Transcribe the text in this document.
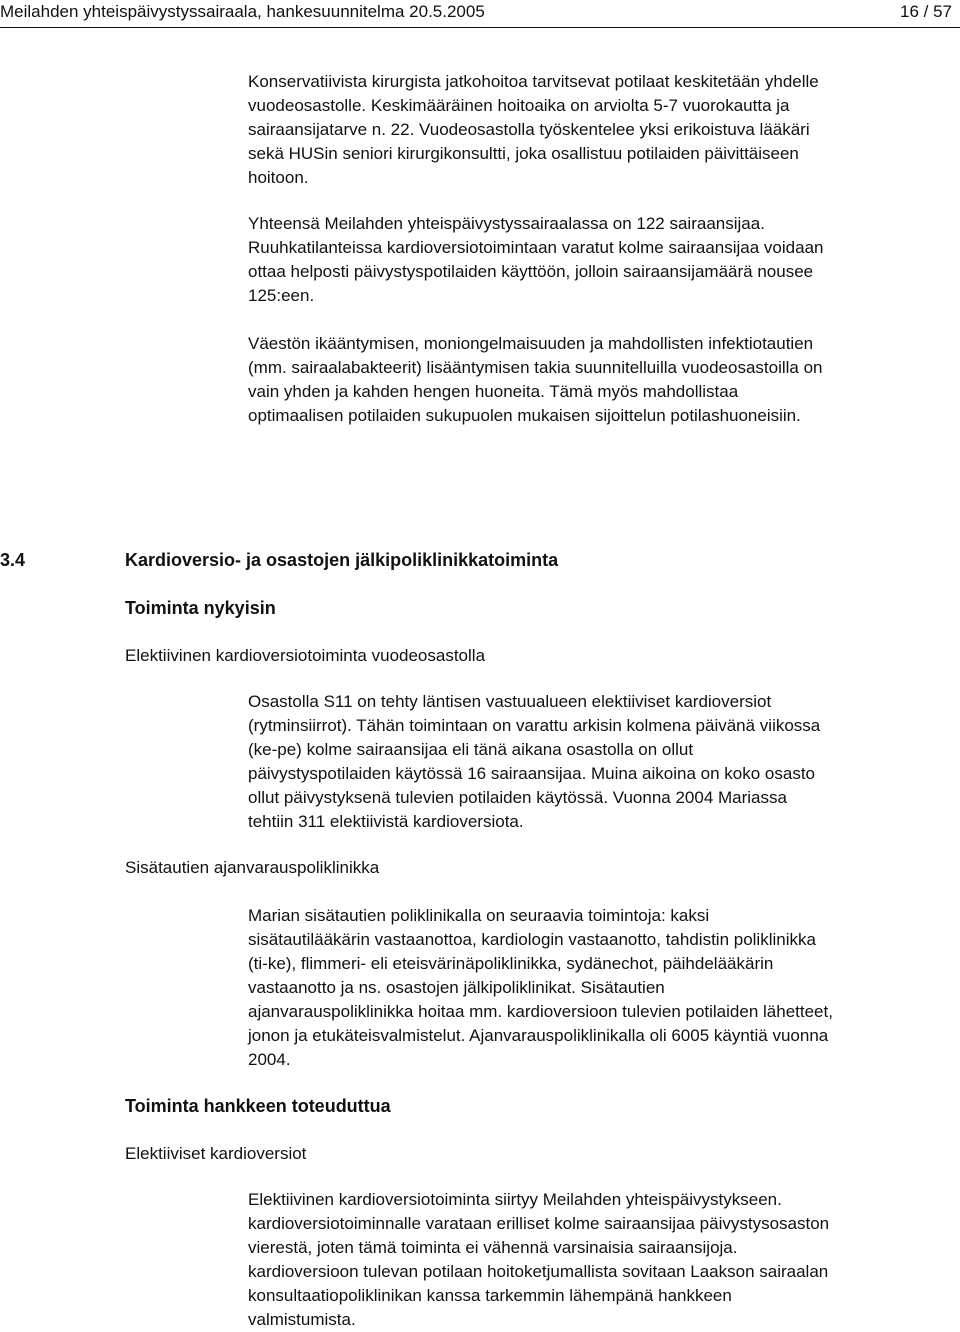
Meilahden yhteispäivystyssairaala, hankesuunnitelma 20.5.2005	16 / 57
Konservatiivista kirurgista jatkohoitoa tarvitsevat potilaat keskitetään yhdelle
vuodeosastolle. Keskimääräinen hoitoaika on arviolta 5-7 vuorokautta ja
sairaansijatarve n. 22. Vuodeosastolla työskentelee yksi erikoistuva lääkäri
sekä HUSin seniori kirurgikonsultti, joka osallistuu potilaiden päivittäiseen
hoitoon.
Yhteensä Meilahden yhteispäivystyssairaalassa on 122 sairaansijaa.
Ruuhkatilanteissa kardioversiotoimintaan varatut kolme sairaansijaa voidaan
ottaa helposti päivystyspotilaiden käyttöön, jolloin sairaansijamäärä nousee
125:een.
Väestön ikääntymisen, moniongelmaisuuden ja mahdollisten infektiotautien
(mm. sairaalabakteerit) lisääntymisen takia suunnitelluilla vuodeosastoilla on
vain yhden ja kahden hengen huoneita. Tämä myös mahdollistaa
optimaalisen potilaiden sukupuolen mukaisen sijoittelun potilashuoneisiin.
3.4	Kardioversio- ja osastojen jälkipoliklinikkatoiminta
Toiminta nykyisin
Elektiivinen kardioversiotoiminta vuodeosastolla
Osastolla S11 on tehty läntisen vastuualueen elektiiviset kardioversiot
(rytminsiirrot). Tähän toimintaan on varattu arkisin kolmena päivänä viikossa
(ke-pe) kolme sairaansijaa eli tänä aikana osastolla on ollut
päivystyspotilaiden käytössä 16 sairaansijaa. Muina aikoina on koko osasto
ollut päivystyksenä tulevien potilaiden käytössä. Vuonna 2004 Mariassa
tehtiin 311 elektiivistä kardioversiota.
Sisätautien ajanvarauspoliklinikka
Marian sisätautien poliklinikalla on seuraavia toimintoja: kaksi
sisätautilääkärin vastaanottoa, kardiologin vastaanotto, tahdistin poliklinikka
(ti-ke), flimmeri- eli eteisvärinäpoliklinikka, sydänechot, päihdelääkärin
vastaanotto ja ns. osastojen jälkipoliklinikat. Sisätautien
ajanvarauspoliklinikka hoitaa mm. kardioversioon tulevien potilaiden lähetteet,
jonon ja etukäteisvalmistelut. Ajanvarauspoliklinikalla oli 6005 käyntiä vuonna
2004.
Toiminta hankkeen toteuduttua
Elektiiviset kardioversiot
Elektiivinen kardioversiotoiminta siirtyy Meilahden yhteispäivystykseen.
kardioversiotoiminnalle varataan erilliset kolme sairaansijaa päivystysosaston
vierestä, joten tämä toiminta ei vähennä varsinaisia sairaansijoja.
kardioversioon tulevan potilaan hoitoketjumallista sovitaan Laakson sairaalan
konsultaatiopoliklinikan kanssa tarkemmin lähempänä hankkeen
valmistumista.
